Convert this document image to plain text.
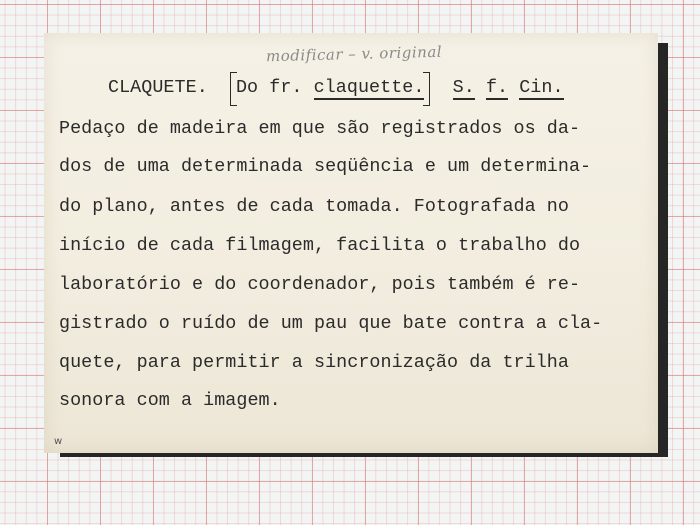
modificar – v. original
CLAQUETE. Do fr. claquette. S. f. Cin.
Pedaço de madeira em que são registrados os da-
dos de uma determinada seqüência e um determina-
do plano, antes de cada tomada. Fotografada no
início de cada filmagem, facilita o trabalho do
laboratório e do coordenador, pois também é re-
gistrado o ruído de um pau que bate contra a cla-
quete, para permitir a sincronização da trilha
sonora com a imagem.
w
